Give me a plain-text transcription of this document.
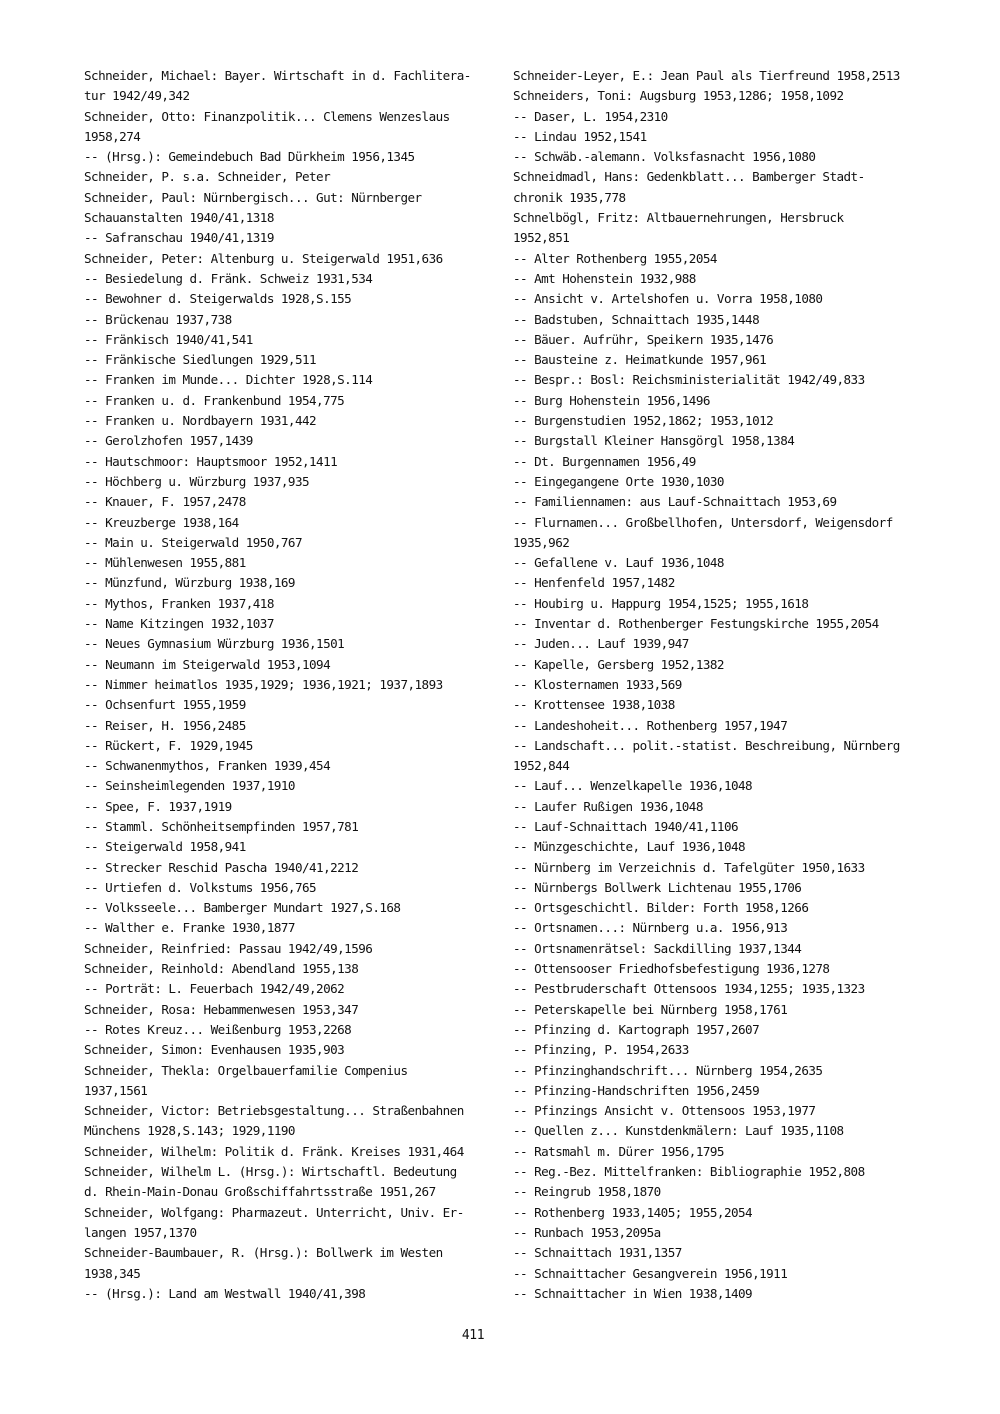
Schneider, Michael: Bayer. Wirtschaft in d. Fachlitera-
tur 1942/49,342
Schneider, Otto: Finanzpolitik... Clemens Wenzeslaus
1958,274
-- (Hrsg.): Gemeindebuch Bad Dürkheim 1956,1345
Schneider, P. s.a. Schneider, Peter
Schneider, Paul: Nürnbergisch... Gut: Nürnberger
Schauanstalten 1940/41,1318
-- Safranschau 1940/41,1319
Schneider, Peter: Altenburg u. Steigerwald 1951,636
-- Besiedelung d. Fränk. Schweiz 1931,534
-- Bewohner d. Steigerwalds 1928,S.155
-- Brückenau 1937,738
-- Fränkisch 1940/41,541
-- Fränkische Siedlungen 1929,511
-- Franken im Munde... Dichter 1928,S.114
-- Franken u. d. Frankenbund 1954,775
-- Franken u. Nordbayern 1931,442
-- Gerolzhofen 1957,1439
-- Hautschmoor: Hauptsmoor 1952,1411
-- Höchberg u. Würzburg 1937,935
-- Knauer, F. 1957,2478
-- Kreuzberge 1938,164
-- Main u. Steigerwald 1950,767
-- Mühlenwesen 1955,881
-- Münzfund, Würzburg 1938,169
-- Mythos, Franken 1937,418
-- Name Kitzingen 1932,1037
-- Neues Gymnasium Würzburg 1936,1501
-- Neumann im Steigerwald 1953,1094
-- Nimmer heimatlos 1935,1929; 1936,1921; 1937,1893
-- Ochsenfurt 1955,1959
-- Reiser, H. 1956,2485
-- Rückert, F. 1929,1945
-- Schwanenmythos, Franken 1939,454
-- Seinsheimlegenden 1937,1910
-- Spee, F. 1937,1919
-- Stamml. Schönheitsempfinden 1957,781
-- Steigerwald 1958,941
-- Strecker Reschid Pascha 1940/41,2212
-- Urtiefen d. Volkstums 1956,765
-- Volksseele... Bamberger Mundart 1927,S.168
-- Walther e. Franke 1930,1877
Schneider, Reinfried: Passau 1942/49,1596
Schneider, Reinhold: Abendland 1955,138
-- Porträt: L. Feuerbach 1942/49,2062
Schneider, Rosa: Hebammenwesen 1953,347
-- Rotes Kreuz... Weißenburg 1953,2268
Schneider, Simon: Evenhausen 1935,903
Schneider, Thekla: Orgelbauerfamilie Compenius
1937,1561
Schneider, Victor: Betriebsgestaltung... Straßenbahnen
Münchens 1928,S.143; 1929,1190
Schneider, Wilhelm: Politik d. Fränk. Kreises 1931,464
Schneider, Wilhelm L. (Hrsg.): Wirtschaftl. Bedeutung
d. Rhein-Main-Donau Großschiffahrtsstraße 1951,267
Schneider, Wolfgang: Pharmazeut. Unterricht, Univ. Er-
langen 1957,1370
Schneider-Baumbauer, R. (Hrsg.): Bollwerk im Westen
1938,345
-- (Hrsg.): Land am Westwall 1940/41,398
Schneider-Leyer, E.: Jean Paul als Tierfreund 1958,2513
Schneiders, Toni: Augsburg 1953,1286; 1958,1092
-- Daser, L. 1954,2310
-- Lindau 1952,1541
-- Schwäb.-alemann. Volksfasnacht 1956,1080
Schneidmadl, Hans: Gedenkblatt... Bamberger Stadt-
chronik 1935,778
Schnelbögl, Fritz: Altbauernehrungen, Hersbruck
1952,851
-- Alter Rothenberg 1955,2054
-- Amt Hohenstein 1932,988
-- Ansicht v. Artelshofen u. Vorra 1958,1080
-- Badstuben, Schnaittach 1935,1448
-- Bäuer. Aufrühr, Speikern 1935,1476
-- Bausteine z. Heimatkunde 1957,961
-- Bespr.: Bosl: Reichsministerialität 1942/49,833
-- Burg Hohenstein 1956,1496
-- Burgenstudien 1952,1862; 1953,1012
-- Burgstall Kleiner Hansgörgl 1958,1384
-- Dt. Burgennamen 1956,49
-- Eingegangene Orte 1930,1030
-- Familiennamen: aus Lauf-Schnaittach 1953,69
-- Flurnamen... Großbellhofen, Untersdorf, Weigensdorf
1935,962
-- Gefallene v. Lauf 1936,1048
-- Henfenfeld 1957,1482
-- Houbirg u. Happurg 1954,1525; 1955,1618
-- Inventar d. Rothenberger Festungskirche 1955,2054
-- Juden... Lauf 1939,947
-- Kapelle, Gersberg 1952,1382
-- Klosternamen 1933,569
-- Krottensee 1938,1038
-- Landeshoheit... Rothenberg 1957,1947
-- Landschaft... polit.-statist. Beschreibung, Nürnberg
1952,844
-- Lauf... Wenzelkapelle 1936,1048
-- Laufer Rußigen 1936,1048
-- Lauf-Schnaittach 1940/41,1106
-- Münzgeschichte, Lauf 1936,1048
-- Nürnberg im Verzeichnis d. Tafelgüter 1950,1633
-- Nürnbergs Bollwerk Lichtenau 1955,1706
-- Ortsgeschichtl. Bilder: Forth 1958,1266
-- Ortsnamen...: Nürnberg u.a. 1956,913
-- Ortsnamenrätsel: Sackdilling 1937,1344
-- Ottensooser Friedhofsbefestigung 1936,1278
-- Pestbruderschaft Ottensoos 1934,1255; 1935,1323
-- Peterskapelle bei Nürnberg 1958,1761
-- Pfinzing d. Kartograph 1957,2607
-- Pfinzing, P. 1954,2633
-- Pfinzinghandschrift... Nürnberg 1954,2635
-- Pfinzing-Handschriften 1956,2459
-- Pfinzings Ansicht v. Ottensoos 1953,1977
-- Quellen z... Kunstdenkmälern: Lauf 1935,1108
-- Ratsmahl m. Dürer 1956,1795
-- Reg.-Bez. Mittelfranken: Bibliographie 1952,808
-- Reingrub 1958,1870
-- Rothenberg 1933,1405; 1955,2054
-- Runbach 1953,2095a
-- Schnaittach 1931,1357
-- Schnaittacher Gesangverein 1956,1911
-- Schnaittacher in Wien 1938,1409
411
